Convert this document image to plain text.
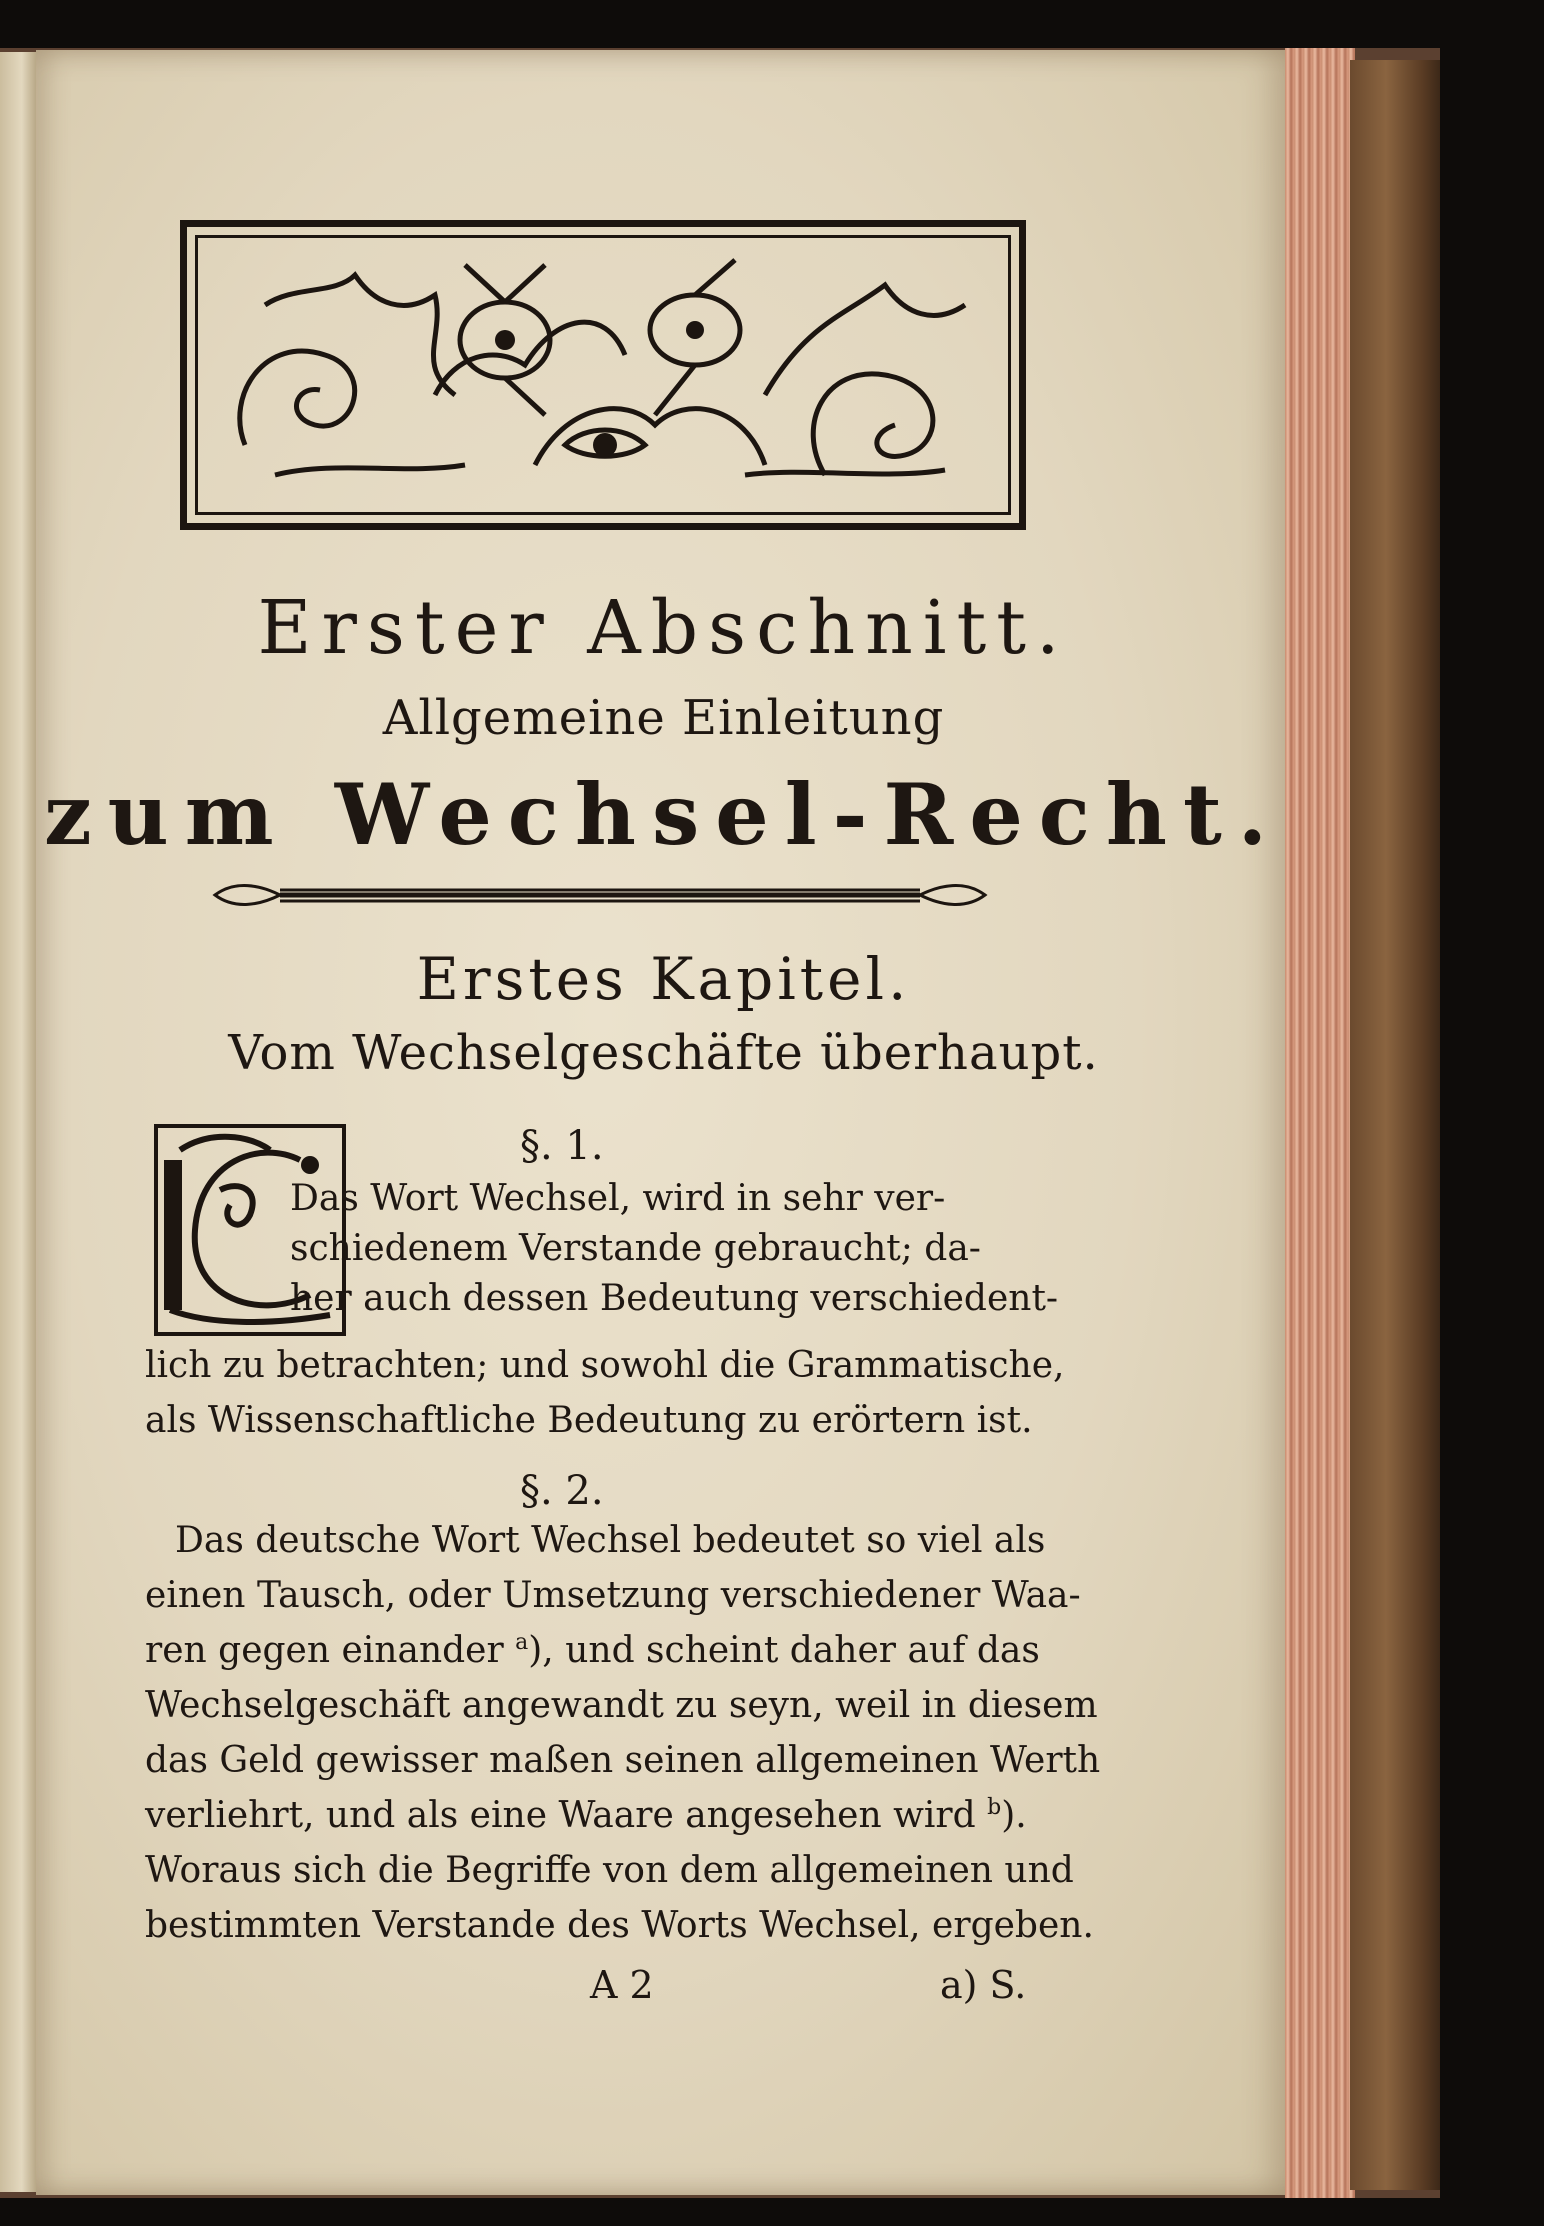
Erster Abschnitt.
Allgemeine Einleitung
zum Wechsel-Recht.
Erstes Kapitel.
Vom Wechselgeschäfte überhaupt.
§. 1.
Das Wort Wechsel, wird in sehr ver-
schiedenem Verstande gebraucht; da-
her auch dessen Bedeutung verschiedent-
lich zu betrachten; und sowohl die Grammatische,
als Wissenschaftliche Bedeutung zu erörtern ist.
§. 2.
Das deutsche Wort Wechsel bedeutet so viel als
einen Tausch, oder Umsetzung verschiedener Waa-
ren gegen einander $^a$), und scheint daher auf das
Wechselgeschäft angewandt zu seyn, weil in diesem
das Geld gewisser maßen seinen allgemeinen Werth
verliehrt, und als eine Waare angesehen wird $^b$).
Woraus sich die Begriffe von dem allgemeinen und
bestimmten Verstande des Worts Wechsel, ergeben.
A 2	a) S.
